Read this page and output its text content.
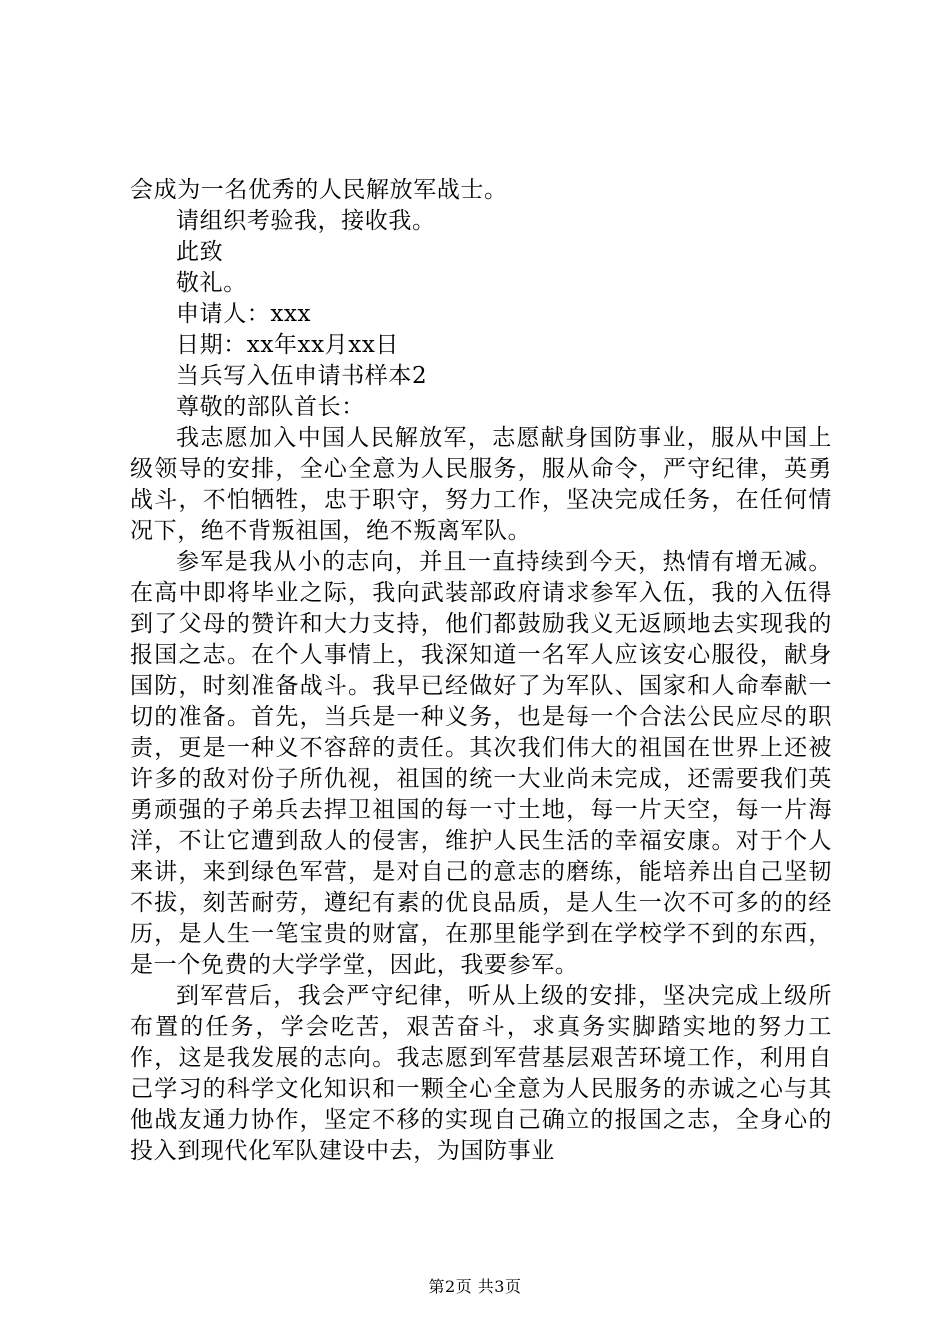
会成为一名优秀的人民解放军战士。

请组织考验我，接收我。

此致

敬礼。

申请人：xxx

日期：xx年xx月xx日

当兵写入伍申请书样本2

尊敬的部队首长：

我志愿加入中国人民解放军，志愿献身国防事业，服从中国上级领导的安排，全心全意为人民服务，服从命令，严守纪律，英勇战斗，不怕牺牲，忠于职守，努力工作，坚决完成任务，在任何情况下，绝不背叛祖国，绝不叛离军队。

参军是我从小的志向，并且一直持续到今天，热情有增无减。在高中即将毕业之际，我向武装部政府请求参军入伍，我的入伍得到了父母的赞许和大力支持，他们都鼓励我义无返顾地去实现我的报国之志。在个人事情上，我深知道一名军人应该安心服役，献身国防，时刻准备战斗。我早已经做好了为军队、国家和人命奉献一切的准备。首先，当兵是一种义务，也是每一个合法公民应尽的职责，更是一种义不容辞的责任。其次我们伟大的祖国在世界上还被许多的敌对份子所仇视，祖国的统一大业尚未完成，还需要我们英勇顽强的子弟兵去捍卫祖国的每一寸土地，每一片天空，每一片海洋，不让它遭到敌人的侵害，维护人民生活的幸福安康。对于个人来讲，来到绿色军营，是对自己的意志的磨练，能培养出自己坚韧不拔，刻苦耐劳，遵纪有素的优良品质，是人生一次不可多的的经历，是人生一笔宝贵的财富，在那里能学到在学校学不到的东西，是一个免费的大学学堂，因此，我要参军。

到军营后，我会严守纪律，听从上级的安排，坚决完成上级所布置的任务，学会吃苦，艰苦奋斗，求真务实脚踏实地的努力工作，这是我发展的志向。我志愿到军营基层艰苦环境工作，利用自己学习的科学文化知识和一颗全心全意为人民服务的赤诚之心与其他战友通力协作，坚定不移的实现自己确立的报国之志，全身心的投入到现代化军队建设中去，为国防事业

第2页 共3页
